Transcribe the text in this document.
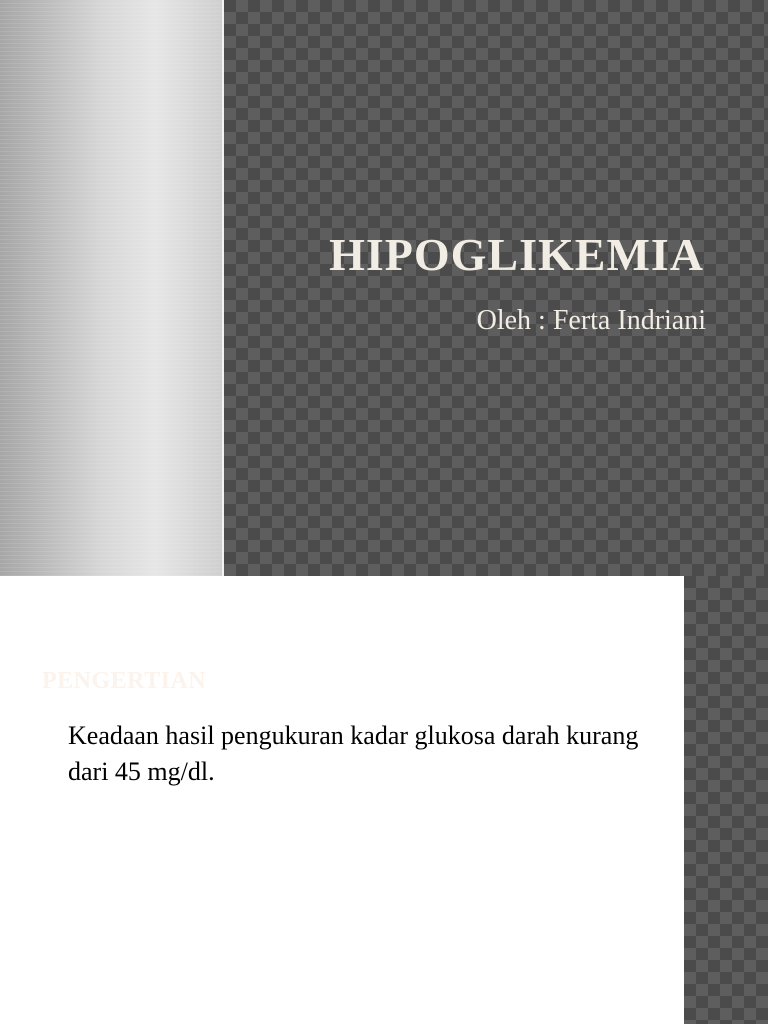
HIPOGLIKEMIA

Oleh : Ferta Indriani

PENGERTIAN

Keadaan hasil pengukuran kadar glukosa darah kurang dari 45 mg/dl.
